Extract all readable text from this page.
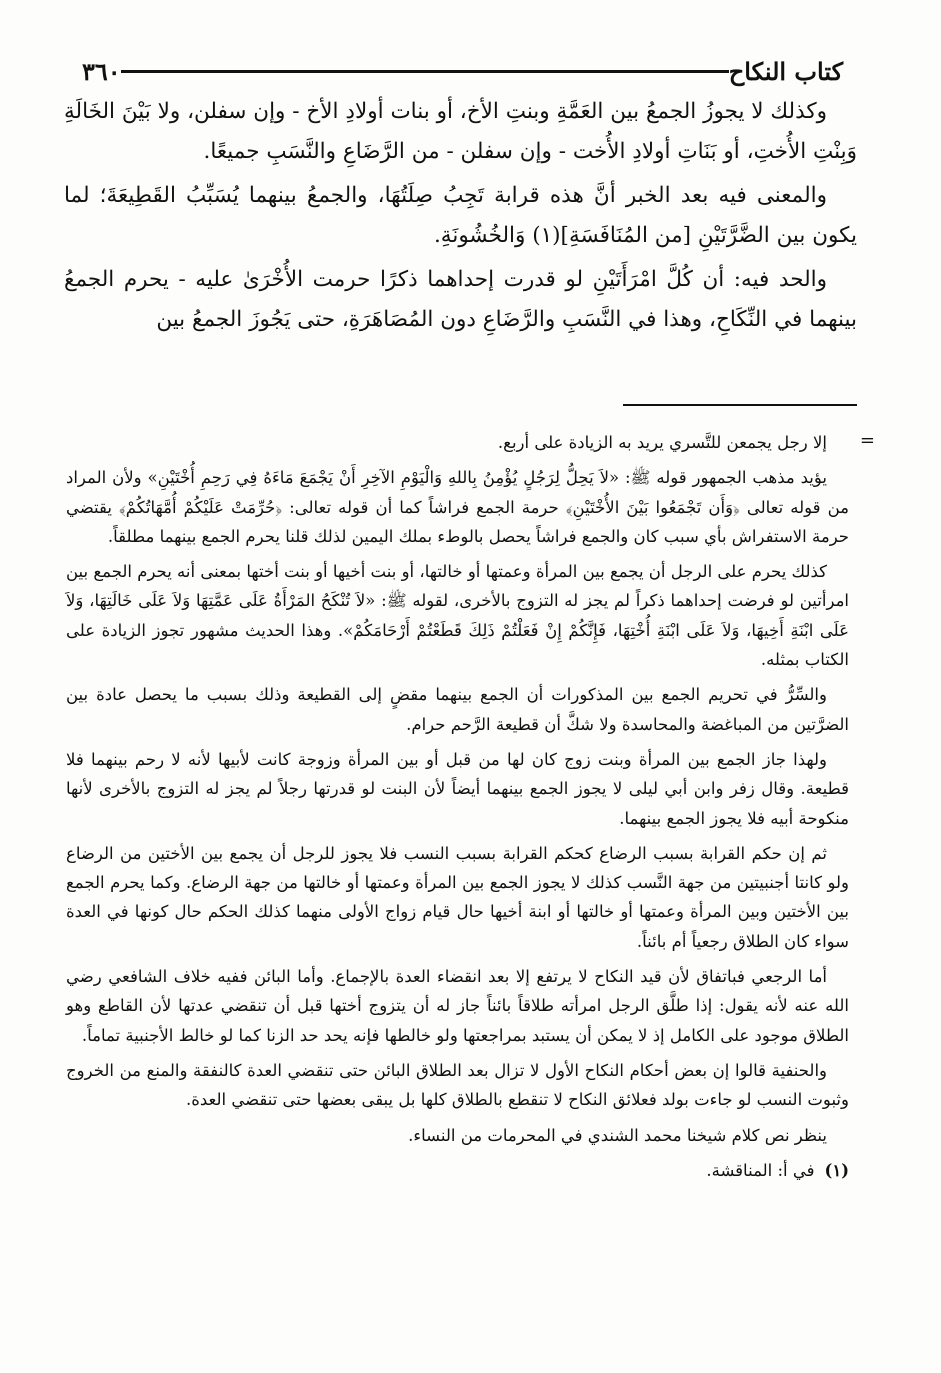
كتاب النكاح
٣٦٠

وكذلك لا يجوزُ الجمعُ بين العَمَّةِ وبنتِ الأخ، أو بنات أولادِ الأخ - وإن سفلن، ولا بَيْنَ الخَالَةِ وَبِنْتِ الأُختِ، أو بَنَاتِ أولادِ الأُخت - وإن سفلن - من الرَّضَاعِ والنَّسَبِ جميعًا.

والمعنى فيه بعد الخبر أنَّ هذه قرابة تَجِبُ صِلَتُهَا، والجمعُ بينهما يُسَبِّبُ القَطِيعَةَ؛ لما يكون بين الضَّرَّتَيْنِ [من المُنَافَسَةِ](١) وَالخُشُونَةِ.

والحد فيه: أن كُلَّ امْرَأَتَيْنِ لو قدرت إحداهما ذكرًا حرمت الأُخْرَىٰ عليه - يحرم الجمعُ بينهما في النِّكَاحِ، وهذا في النَّسَبِ والرَّضَاعِ دون المُصَاهَرَةِ، حتى يَجُوزَ الجمعُ بين

=

إلا رجل يجمعن للتَّسري يريد به الزيادة على أربع.

يؤيد مذهب الجمهور قوله ﷺ: «لاَ يَحِلُّ لِرَجُلٍ يُؤْمِنُ بِاللهِ وَالْيَوْمِ الآخِرِ أَنْ يَجْمَعَ مَاءَهُ فِي رَحِمِ أُخْتَيْنِ» ولأن المراد من قوله تعالى ﴿وَأَن تَجْمَعُوا بَيْنَ الأُخْتَيْنِ﴾ حرمة الجمع فراشاً كما أن قوله تعالى: ﴿حُرِّمَتْ عَلَيْكُمْ أُمَّهَاتُكُمْ﴾ يقتضي حرمة الاستفراش بأي سبب كان والجمع فراشاً يحصل بالوطء بملك اليمين لذلك قلنا يحرم الجمع بينهما مطلقاً.

كذلك يحرم على الرجل أن يجمع بين المرأة وعمتها أو خالتها، أو بنت أخيها أو بنت أختها بمعنى أنه يحرم الجمع بين امرأتين لو فرضت إحداهما ذكراً لم يجز له التزوج بالأخرى، لقوله ﷺ: «لاَ تُنْكَحُ المَرْأَةُ عَلَى عَمَّتِهَا وَلاَ عَلَى خَالَتِهَا، وَلاَ عَلَى ابْنَةِ أَخِيهَا، وَلاَ عَلَى ابْنَةِ أُخْتِهَا، فَإِنَّكُمْ إِنْ فَعَلْتُمْ ذَلِكَ قَطَعْتُمْ أَرْحَامَكُمْ». وهذا الحديث مشهور تجوز الزيادة على الكتاب بمثله.

والسِّرُّ في تحريم الجمع بين المذكورات أن الجمع بينهما مقضٍ إلى القطيعة وذلك بسبب ما يحصل عادة بين الضرَّتين من المباغضة والمحاسدة ولا شكَّ أن قطيعة الرَّحم حرام.

ولهذا جاز الجمع بين المرأة وبنت زوج كان لها من قبل أو بين المرأة وزوجة كانت لأبيها لأنه لا رحم بينهما فلا قطيعة. وقال زفر وابن أبي ليلى لا يجوز الجمع بينهما أيضاً لأن البنت لو قدرتها رجلاً لم يجز له التزوج بالأخرى لأنها منكوحة أبيه فلا يجوز الجمع بينهما.

ثم إن حكم القرابة بسبب الرضاع كحكم القرابة بسبب النسب فلا يجوز للرجل أن يجمع بين الأختين من الرضاع ولو كانتا أجنبيتين من جهة النَّسب كذلك لا يجوز الجمع بين المرأة وعمتها أو خالتها من جهة الرضاع. وكما يحرم الجمع بين الأختين وبين المرأة وعمتها أو خالتها أو ابنة أخيها حال قيام زواج الأولى منهما كذلك الحكم حال كونها في العدة سواء كان الطلاق رجعياً أم بائناً.

أما الرجعي فباتفاق لأن قيد النكاح لا يرتفع إلا بعد انقضاء العدة بالإجماع. وأما البائن ففيه خلاف الشافعي رضي الله عنه لأنه يقول: إذا طلَّق الرجل امرأته طلاقاً بائناً جاز له أن يتزوج أختها قبل أن تنقضي عدتها لأن القاطع وهو الطلاق موجود على الكامل إذ لا يمكن أن يستبد بمراجعتها ولو خالطها فإنه يحد حد الزنا كما لو خالط الأجنبية تماماً.

والحنفية قالوا إن بعض أحكام النكاح الأول لا تزال بعد الطلاق البائن حتى تنقضي العدة كالنفقة والمنع من الخروج وثبوت النسب لو جاءت بولد فعلائق النكاح لا تنقطع بالطلاق كلها بل يبقى بعضها حتى تنقضي العدة.

ينظر نص كلام شيخنا محمد الشندي في المحرمات من النساء.

(١)
في أ: المناقشة.
